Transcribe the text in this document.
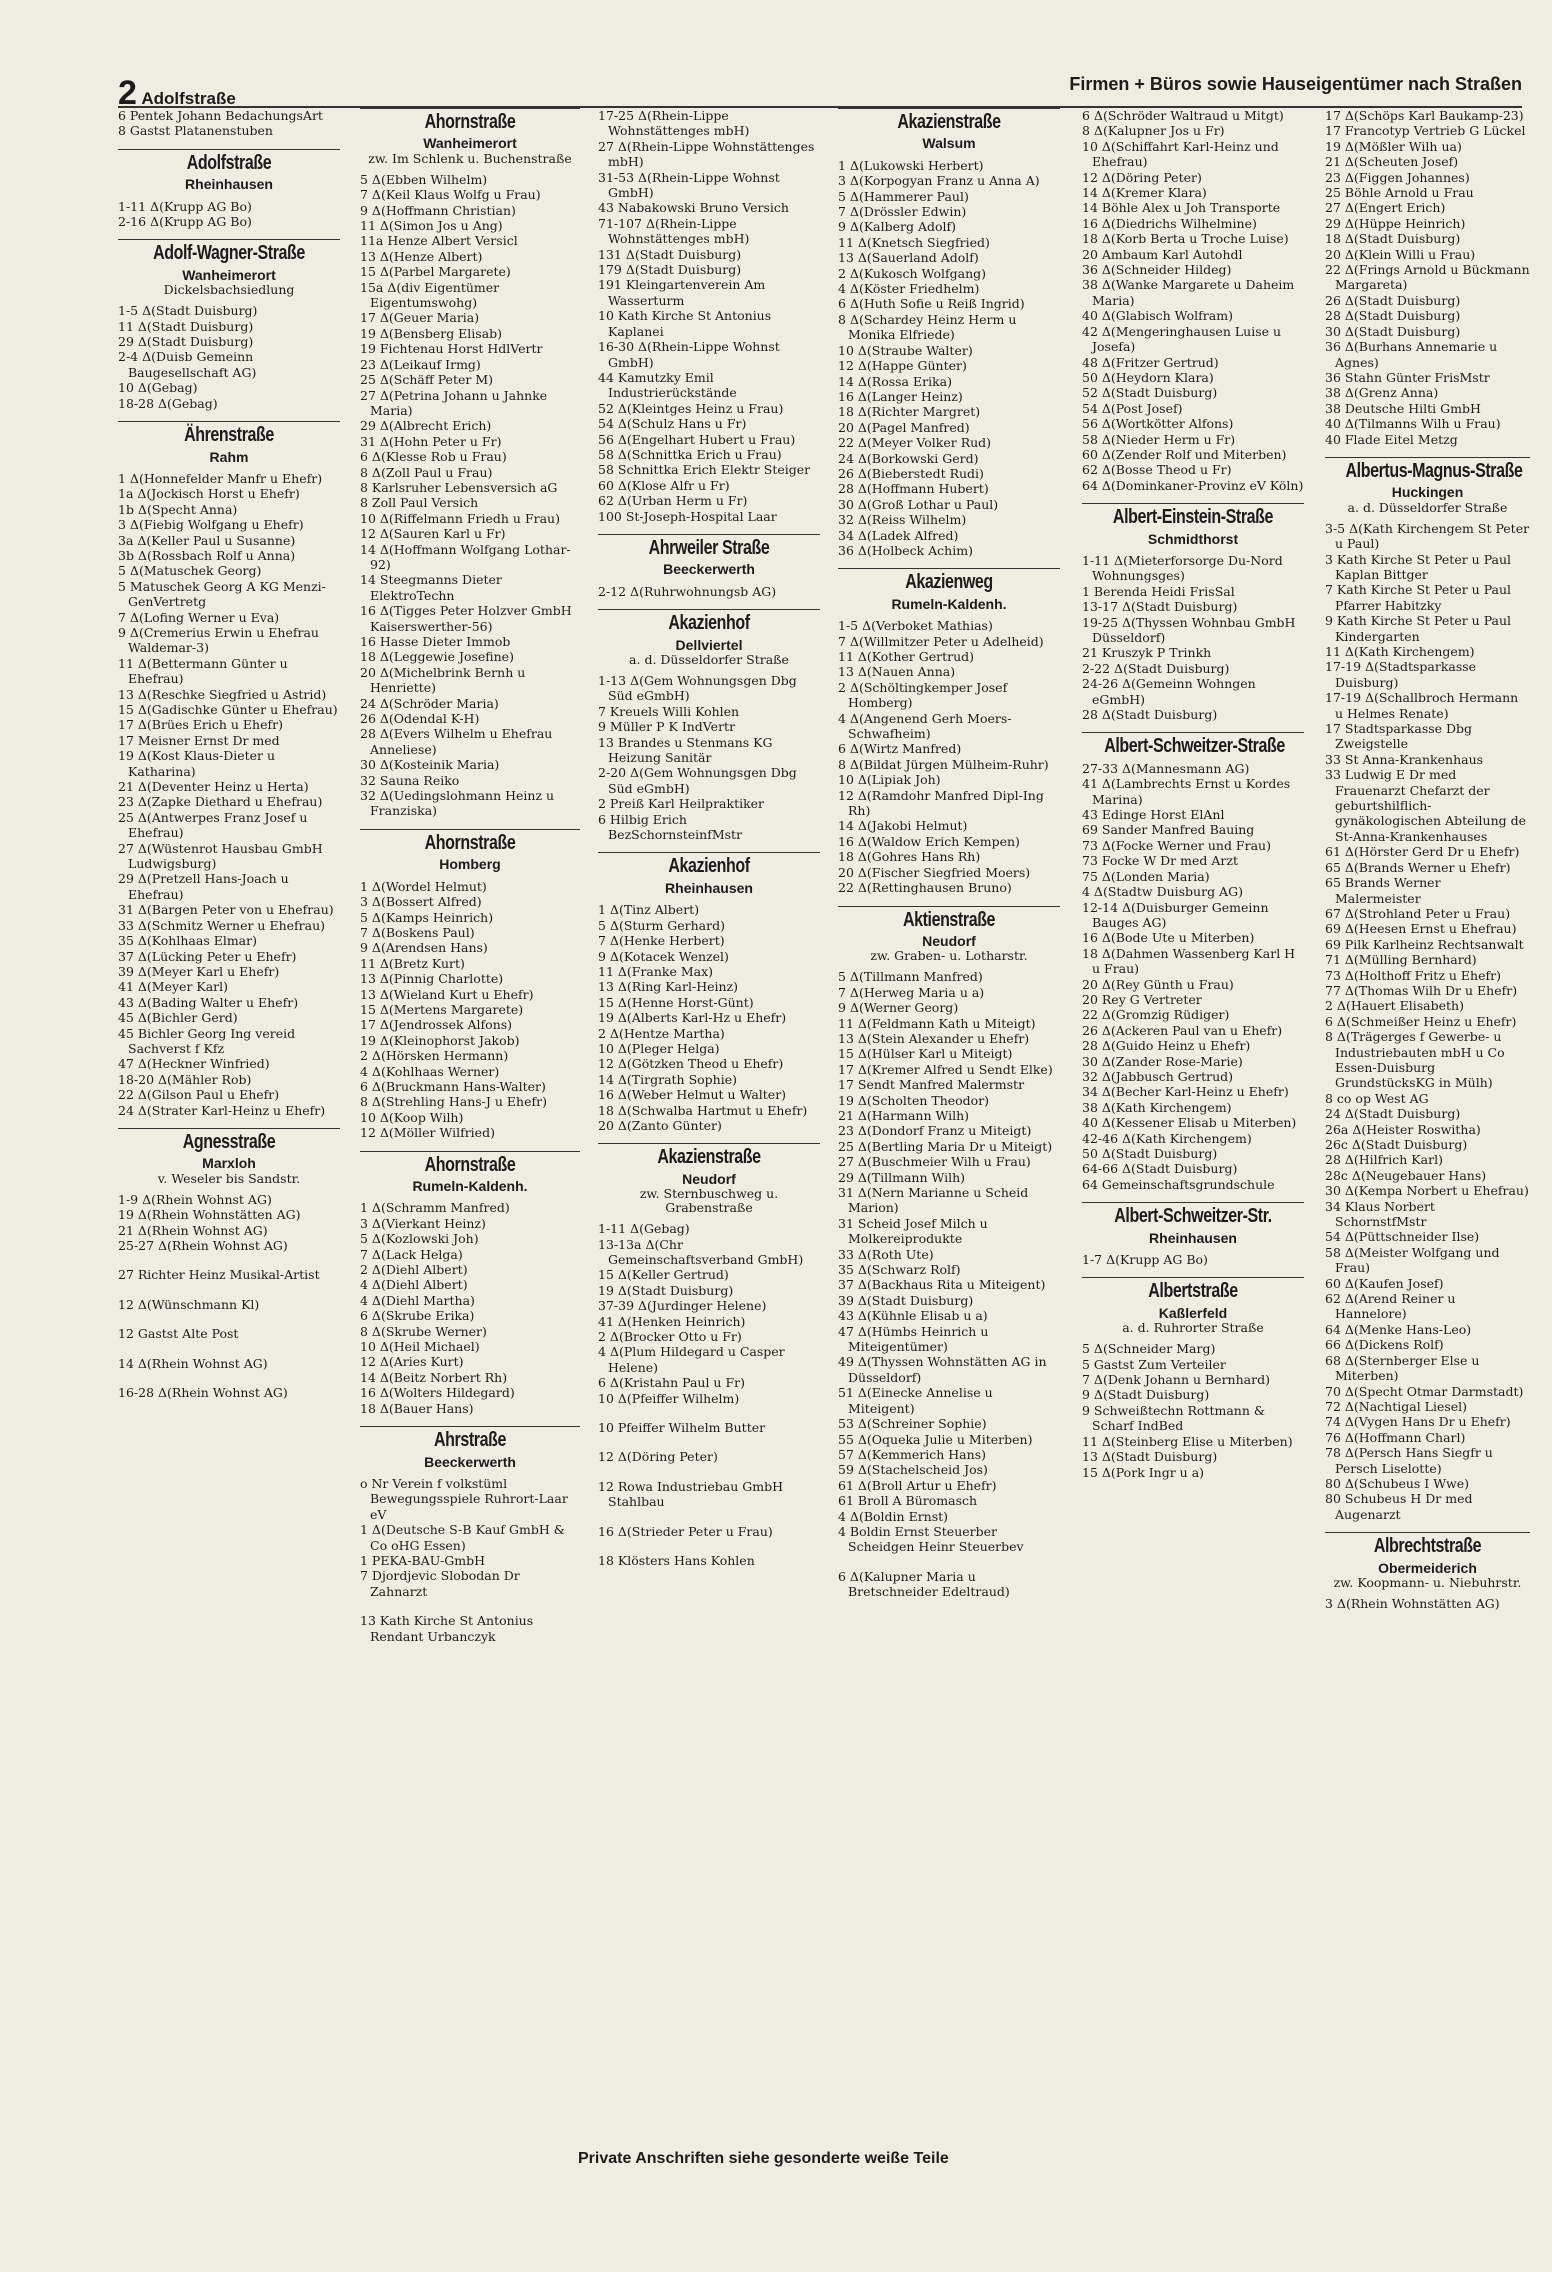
2 Adolfstraße
Firmen + Büros sowie Hauseigentümer nach Straßen
6 Pentek Johann BedachungsArt
8 Gastst Platanenstuben
Adolfstraße
Rheinhausen
1-11 Δ(Krupp AG Bo)
2-16 Δ(Krupp AG Bo)
Adolf-Wagner-Straße
Wanheimerort
Dickelsbachsiedlung
1-5 Δ(Stadt Duisburg)
11 Δ(Stadt Duisburg)
29 Δ(Stadt Duisburg)
2-4 Δ(Duisb Gemeinn Baugesellschaft AG)
10 Δ(Gebag)
18-28 Δ(Gebag)
Ährenstraße
Rahm
1 Δ(Honnefelder Manfr u Ehefr)
1a Δ(Jockisch Horst u Ehefr)
1b Δ(Specht Anna)
3 Δ(Fiebig Wolfgang u Ehefr)
3a Δ(Keller Paul u Susanne)
3b Δ(Rossbach Rolf u Anna)
5 Δ(Matuschek Georg)
5 Matuschek Georg A KG Menzi-GenVertretg
7 Δ(Lofing Werner u Eva)
9 Δ(Cremerius Erwin u Ehefrau Waldemar-3)
11 Δ(Bettermann Günter u Ehefrau)
13 Δ(Reschke Siegfried u Astrid)
15 Δ(Gadischke Günter u Ehefrau)
17 Δ(Brües Erich u Ehefr)
17 Meisner Ernst Dr med
19 Δ(Kost Klaus-Dieter u Katharina)
21 Δ(Deventer Heinz u Herta)
23 Δ(Zapke Diethard u Ehefrau)
25 Δ(Antwerpes Franz Josef u Ehefrau)
27 Δ(Wüstenrot Hausbau GmbH Ludwigsburg)
29 Δ(Pretzell Hans-Joach u Ehefrau)
31 Δ(Bargen Peter von u Ehefrau)
33 Δ(Schmitz Werner u Ehefrau)
35 Δ(Kohlhaas Elmar)
37 Δ(Lücking Peter u Ehefr)
39 Δ(Meyer Karl u Ehefr)
41 Δ(Meyer Karl)
43 Δ(Bading Walter u Ehefr)
45 Δ(Bichler Gerd)
45 Bichler Georg Ing vereid Sachverst f Kfz
47 Δ(Heckner Winfried)
18-20 Δ(Mähler Rob)
22 Δ(Gilson Paul u Ehefr)
24 Δ(Strater Karl-Heinz u Ehefr)
Agnesstraße
Marxloh
v. Weseler bis Sandstr.
1-9 Δ(Rhein Wohnst AG)
19 Δ(Rhein Wohnstätten AG)
21 Δ(Rhein Wohnst AG)
25-27 Δ(Rhein Wohnst AG)
27 Richter Heinz Musikal-Artist
12 Δ(Wünschmann Kl)
12 Gastst Alte Post
14 Δ(Rhein Wohnst AG)
16-28 Δ(Rhein Wohnst AG)
Ahornstraße
Wanheimerort
zw. Im Schlenk u. Buchenstraße
5 Δ(Ebben Wilhelm)
7 Δ(Keil Klaus Wolfg u Frau)
9 Δ(Hoffmann Christian)
11 Δ(Simon Jos u Ang)
11a Henze Albert Versicl
13 Δ(Henze Albert)
15 Δ(Parbel Margarete)
15a Δ(div Eigentümer Eigentumswohg)
17 Δ(Geuer Maria)
19 Δ(Bensberg Elisab)
19 Fichtenau Horst HdlVertr
23 Δ(Leikauf Irmg)
25 Δ(Schäff Peter M)
27 Δ(Petrina Johann u Jahnke Maria)
29 Δ(Albrecht Erich)
31 Δ(Hohn Peter u Fr)
6 Δ(Klesse Rob u Frau)
8 Δ(Zoll Paul u Frau)
8 Karlsruher Lebensversich aG
8 Zoll Paul Versich
10 Δ(Riffelmann Friedh u Frau)
12 Δ(Sauren Karl u Fr)
14 Δ(Hoffmann Wolfgang Lothar-92)
14 Steegmanns Dieter ElektroTechn
16 Δ(Tigges Peter Holzver GmbH Kaiserswerther-56)
16 Hasse Dieter Immob
18 Δ(Leggewie Josefine)
20 Δ(Michelbrink Bernh u Henriette)
24 Δ(Schröder Maria)
26 Δ(Odendal K-H)
28 Δ(Evers Wilhelm u Ehefrau Anneliese)
30 Δ(Kosteinik Maria)
32 Sauna Reiko
32 Δ(Uedingslohmann Heinz u Franziska)
Ahornstraße
Homberg
1 Δ(Wordel Helmut)
3 Δ(Bossert Alfred)
5 Δ(Kamps Heinrich)
7 Δ(Boskens Paul)
9 Δ(Arendsen Hans)
11 Δ(Bretz Kurt)
13 Δ(Pinnig Charlotte)
13 Δ(Wieland Kurt u Ehefr)
15 Δ(Mertens Margarete)
17 Δ(Jendrossek Alfons)
19 Δ(Kleinophorst Jakob)
2 Δ(Hörsken Hermann)
4 Δ(Kohlhaas Werner)
6 Δ(Bruckmann Hans-Walter)
8 Δ(Strehling Hans-J u Ehefr)
10 Δ(Koop Wilh)
12 Δ(Möller Wilfried)
Ahornstraße
Rumeln-Kaldenh.
1 Δ(Schramm Manfred)
3 Δ(Vierkant Heinz)
5 Δ(Kozlowski Joh)
7 Δ(Lack Helga)
2 Δ(Diehl Albert)
4 Δ(Diehl Albert)
4 Δ(Diehl Martha)
6 Δ(Skrube Erika)
8 Δ(Skrube Werner)
10 Δ(Heil Michael)
12 Δ(Aries Kurt)
14 Δ(Beitz Norbert Rh)
16 Δ(Wolters Hildegard)
18 Δ(Bauer Hans)
Ahrstraße
Beeckerwerth
o Nr Verein f volkstüml Bewegungsspiele Ruhrort-Laar eV
1 Δ(Deutsche S-B Kauf GmbH & Co oHG Essen)
1 PEKA-BAU-GmbH
7 Djordjevic Slobodan Dr Zahnarzt
13 Kath Kirche St Antonius Rendant Urbanczyk
17-25 Δ(Rhein-Lippe Wohnstättenges mbH)
27 Δ(Rhein-Lippe Wohnstättenges mbH)
31-53 Δ(Rhein-Lippe Wohnst GmbH)
43 Nabakowski Bruno Versich
71-107 Δ(Rhein-Lippe Wohnstättenges mbH)
131 Δ(Stadt Duisburg)
179 Δ(Stadt Duisburg)
191 Kleingartenverein Am Wasserturm
10 Kath Kirche St Antonius Kaplanei
16-30 Δ(Rhein-Lippe Wohnst GmbH)
44 Kamutzky Emil Industrierückstände
52 Δ(Kleintges Heinz u Frau)
54 Δ(Schulz Hans u Fr)
56 Δ(Engelhart Hubert u Frau)
58 Δ(Schnittka Erich u Frau)
58 Schnittka Erich Elektr Steiger
60 Δ(Klose Alfr u Fr)
62 Δ(Urban Herm u Fr)
100 St-Joseph-Hospital Laar
Ahrweiler Straße
Beeckerwerth
2-12 Δ(Ruhrwohnungsb AG)
Akazienhof
Dellviertel
a. d. Düsseldorfer Straße
1-13 Δ(Gem Wohnungsgen Dbg Süd eGmbH)
7 Kreuels Willi Kohlen
9 Müller P K IndVertr
13 Brandes u Stenmans KG Heizung Sanitär
2-20 Δ(Gem Wohnungsgen Dbg Süd eGmbH)
2 Preiß Karl Heilpraktiker
6 Hilbig Erich BezSchornsteinfMstr
Akazienhof
Rheinhausen
1 Δ(Tinz Albert)
5 Δ(Sturm Gerhard)
7 Δ(Henke Herbert)
9 Δ(Kotacek Wenzel)
11 Δ(Franke Max)
13 Δ(Ring Karl-Heinz)
15 Δ(Henne Horst-Günt)
19 Δ(Alberts Karl-Hz u Ehefr)
2 Δ(Hentze Martha)
10 Δ(Pleger Helga)
12 Δ(Götzken Theod u Ehefr)
14 Δ(Tirgrath Sophie)
16 Δ(Weber Helmut u Walter)
18 Δ(Schwalba Hartmut u Ehefr)
20 Δ(Zanto Günter)
Akazienstraße
Neudorf
zw. Sternbuschweg u. Grabenstraße
1-11 Δ(Gebag)
13-13a Δ(Chr Gemeinschaftsverband GmbH)
15 Δ(Keller Gertrud)
19 Δ(Stadt Duisburg)
37-39 Δ(Jurdinger Helene)
41 Δ(Henken Heinrich)
2 Δ(Brocker Otto u Fr)
4 Δ(Plum Hildegard u Casper Helene)
6 Δ(Kristahn Paul u Fr)
10 Δ(Pfeiffer Wilhelm)
10 Pfeiffer Wilhelm Butter
12 Δ(Döring Peter)
12 Rowa Industriebau GmbH Stahlbau
16 Δ(Strieder Peter u Frau)
18 Klösters Hans Kohlen
Akazienstraße
Walsum
1 Δ(Lukowski Herbert)
3 Δ(Korpogyan Franz u Anna A)
5 Δ(Hammerer Paul)
7 Δ(Drössler Edwin)
9 Δ(Kalberg Adolf)
11 Δ(Knetsch Siegfried)
13 Δ(Sauerland Adolf)
2 Δ(Kukosch Wolfgang)
4 Δ(Köster Friedhelm)
6 Δ(Huth Sofie u Reiß Ingrid)
8 Δ(Schardey Heinz Herm u Monika Elfriede)
10 Δ(Straube Walter)
12 Δ(Happe Günter)
14 Δ(Rossa Erika)
16 Δ(Langer Heinz)
18 Δ(Richter Margret)
20 Δ(Pagel Manfred)
22 Δ(Meyer Volker Rud)
24 Δ(Borkowski Gerd)
26 Δ(Bieberstedt Rudi)
28 Δ(Hoffmann Hubert)
30 Δ(Groß Lothar u Paul)
32 Δ(Reiss Wilhelm)
34 Δ(Ladek Alfred)
36 Δ(Holbeck Achim)
Akazienweg
Rumeln-Kaldenh.
1-5 Δ(Verboket Mathias)
7 Δ(Willmitzer Peter u Adelheid)
11 Δ(Kother Gertrud)
13 Δ(Nauen Anna)
2 Δ(Schöltingkemper Josef Homberg)
4 Δ(Angenend Gerh Moers-Schwafheim)
6 Δ(Wirtz Manfred)
8 Δ(Bildat Jürgen Mülheim-Ruhr)
10 Δ(Lipiak Joh)
12 Δ(Ramdohr Manfred Dipl-Ing Rh)
14 Δ(Jakobi Helmut)
16 Δ(Waldow Erich Kempen)
18 Δ(Gohres Hans Rh)
20 Δ(Fischer Siegfried Moers)
22 Δ(Rettinghausen Bruno)
Aktienstraße
Neudorf
zw. Graben- u. Lotharstr.
5 Δ(Tillmann Manfred)
7 Δ(Herweg Maria u a)
9 Δ(Werner Georg)
11 Δ(Feldmann Kath u Miteigt)
13 Δ(Stein Alexander u Ehefr)
15 Δ(Hülser Karl u Miteigt)
17 Δ(Kremer Alfred u Sendt Elke)
17 Sendt Manfred Malermstr
19 Δ(Scholten Theodor)
21 Δ(Harmann Wilh)
23 Δ(Dondorf Franz u Miteigt)
25 Δ(Bertling Maria Dr u Miteigt)
27 Δ(Buschmeier Wilh u Frau)
29 Δ(Tillmann Wilh)
31 Δ(Nern Marianne u Scheid Marion)
31 Scheid Josef Milch u Molkereiprodukte
33 Δ(Roth Ute)
35 Δ(Schwarz Rolf)
37 Δ(Backhaus Rita u Miteigent)
39 Δ(Stadt Duisburg)
43 Δ(Kühnle Elisab u a)
47 Δ(Hümbs Heinrich u Miteigentümer)
49 Δ(Thyssen Wohnstätten AG in Düsseldorf)
51 Δ(Einecke Annelise u Miteigent)
53 Δ(Schreiner Sophie)
55 Δ(Oqueka Julie u Miterben)
57 Δ(Kemmerich Hans)
59 Δ(Stachelscheid Jos)
61 Δ(Broll Artur u Ehefr)
61 Broll A Büromasch
4 Δ(Boldin Ernst)
4 Boldin Ernst Steuerber Scheidgen Heinr Steuerbev
6 Δ(Kalupner Maria u Bretschneider Edeltraud)
6 Δ(Schröder Waltraud u Mitgt)
8 Δ(Kalupner Jos u Fr)
10 Δ(Schiffahrt Karl-Heinz und Ehefrau)
12 Δ(Döring Peter)
14 Δ(Kremer Klara)
14 Böhle Alex u Joh Transporte
16 Δ(Diedrichs Wilhelmine)
18 Δ(Korb Berta u Troche Luise)
20 Ambaum Karl Autohdl
36 Δ(Schneider Hildeg)
38 Δ(Wanke Margarete u Daheim Maria)
40 Δ(Glabisch Wolfram)
42 Δ(Mengeringhausen Luise u Josefa)
48 Δ(Fritzer Gertrud)
50 Δ(Heydorn Klara)
52 Δ(Stadt Duisburg)
54 Δ(Post Josef)
56 Δ(Wortkötter Alfons)
58 Δ(Nieder Herm u Fr)
60 Δ(Zender Rolf und Miterben)
62 Δ(Bosse Theod u Fr)
64 Δ(Dominkaner-Provinz eV Köln)
Albert-Einstein-Straße
Schmidthorst
1-11 Δ(Mieterforsorge Du-Nord Wohnungsges)
1 Berenda Heidi FrisSal
13-17 Δ(Stadt Duisburg)
19-25 Δ(Thyssen Wohnbau GmbH Düsseldorf)
21 Kruszyk P Trinkh
2-22 Δ(Stadt Duisburg)
24-26 Δ(Gemeinn Wohngen eGmbH)
28 Δ(Stadt Duisburg)
Albert-Schweitzer-Straße
27-33 Δ(Mannesmann AG)
41 Δ(Lambrechts Ernst u Kordes Marina)
43 Edinge Horst ElAnl
69 Sander Manfred Bauing
73 Δ(Focke Werner und Frau)
73 Focke W Dr med Arzt
75 Δ(Londen Maria)
4 Δ(Stadtw Duisburg AG)
12-14 Δ(Duisburger Gemeinn Bauges AG)
16 Δ(Bode Ute u Miterben)
18 Δ(Dahmen Wassenberg Karl H u Frau)
20 Δ(Rey Günth u Frau)
20 Rey G Vertreter
22 Δ(Gromzig Rüdiger)
26 Δ(Ackeren Paul van u Ehefr)
28 Δ(Guido Heinz u Ehefr)
30 Δ(Zander Rose-Marie)
32 Δ(Jabbusch Gertrud)
34 Δ(Becher Karl-Heinz u Ehefr)
38 Δ(Kath Kirchengem)
40 Δ(Kessener Elisab u Miterben)
42-46 Δ(Kath Kirchengem)
50 Δ(Stadt Duisburg)
64-66 Δ(Stadt Duisburg)
64 Gemeinschaftsgrundschule
Albert-Schweitzer-Str.
Rheinhausen
1-7 Δ(Krupp AG Bo)
Albertstraße
Kaßlerfeld
a. d. Ruhrorter Straße
5 Δ(Schneider Marg)
5 Gastst Zum Verteiler
7 Δ(Denk Johann u Bernhard)
9 Δ(Stadt Duisburg)
9 Schweißtechn Rottmann & Scharf IndBed
11 Δ(Steinberg Elise u Miterben)
13 Δ(Stadt Duisburg)
15 Δ(Pork Ingr u a)
17 Δ(Schöps Karl Baukamp-23)
17 Francotyp Vertrieb G Lückel
19 Δ(Mößler Wilh ua)
21 Δ(Scheuten Josef)
23 Δ(Figgen Johannes)
25 Böhle Arnold u Frau
27 Δ(Engert Erich)
29 Δ(Hüppe Heinrich)
18 Δ(Stadt Duisburg)
20 Δ(Klein Willi u Frau)
22 Δ(Frings Arnold u Bückmann Margareta)
26 Δ(Stadt Duisburg)
28 Δ(Stadt Duisburg)
30 Δ(Stadt Duisburg)
36 Δ(Burhans Annemarie u Agnes)
36 Stahn Günter FrisMstr
38 Δ(Grenz Anna)
38 Deutsche Hilti GmbH
40 Δ(Tilmanns Wilh u Frau)
40 Flade Eitel Metzg
Albertus-Magnus-Straße
Huckingen
a. d. Düsseldorfer Straße
3-5 Δ(Kath Kirchengem St Peter u Paul)
3 Kath Kirche St Peter u Paul Kaplan Bittger
7 Kath Kirche St Peter u Paul Pfarrer Habitzky
9 Kath Kirche St Peter u Paul Kindergarten
11 Δ(Kath Kirchengem)
17-19 Δ(Stadtsparkasse Duisburg)
17-19 Δ(Schallbroch Hermann u Helmes Renate)
17 Stadtsparkasse Dbg Zweigstelle
33 St Anna-Krankenhaus
33 Ludwig E Dr med Frauenarzt Chefarzt der geburtshilflich-gynäkologischen Abteilung de St-Anna-Krankenhauses
61 Δ(Hörster Gerd Dr u Ehefr)
65 Δ(Brands Werner u Ehefr)
65 Brands Werner Malermeister
67 Δ(Strohland Peter u Frau)
69 Δ(Heesen Ernst u Ehefrau)
69 Pilk Karlheinz Rechtsanwalt
71 Δ(Mülling Bernhard)
73 Δ(Holthoff Fritz u Ehefr)
77 Δ(Thomas Wilh Dr u Ehefr)
2 Δ(Hauert Elisabeth)
6 Δ(Schmeißer Heinz u Ehefr)
8 Δ(Trägerges f Gewerbe- u Industriebauten mbH u Co Essen-Duisburg GrundstücksKG in Mülh)
8 co op West AG
24 Δ(Stadt Duisburg)
26a Δ(Heister Roswitha)
26c Δ(Stadt Duisburg)
28 Δ(Hilfrich Karl)
28c Δ(Neugebauer Hans)
30 Δ(Kempa Norbert u Ehefrau)
34 Klaus Norbert SchornstfMstr
54 Δ(Püttschneider Ilse)
58 Δ(Meister Wolfgang und Frau)
60 Δ(Kaufen Josef)
62 Δ(Arend Reiner u Hannelore)
64 Δ(Menke Hans-Leo)
66 Δ(Dickens Rolf)
68 Δ(Sternberger Else u Miterben)
70 Δ(Specht Otmar Darmstadt)
72 Δ(Nachtigal Liesel)
74 Δ(Vygen Hans Dr u Ehefr)
76 Δ(Hoffmann Charl)
78 Δ(Persch Hans Siegfr u Persch Liselotte)
80 Δ(Schubeus I Wwe)
80 Schubeus H Dr med Augenarzt
Albrechtstraße
Obermeiderich
zw. Koopmann- u. Niebuhrstr.
3 Δ(Rhein Wohnstätten AG)
Private Anschriften siehe gesonderte weiße Teile
